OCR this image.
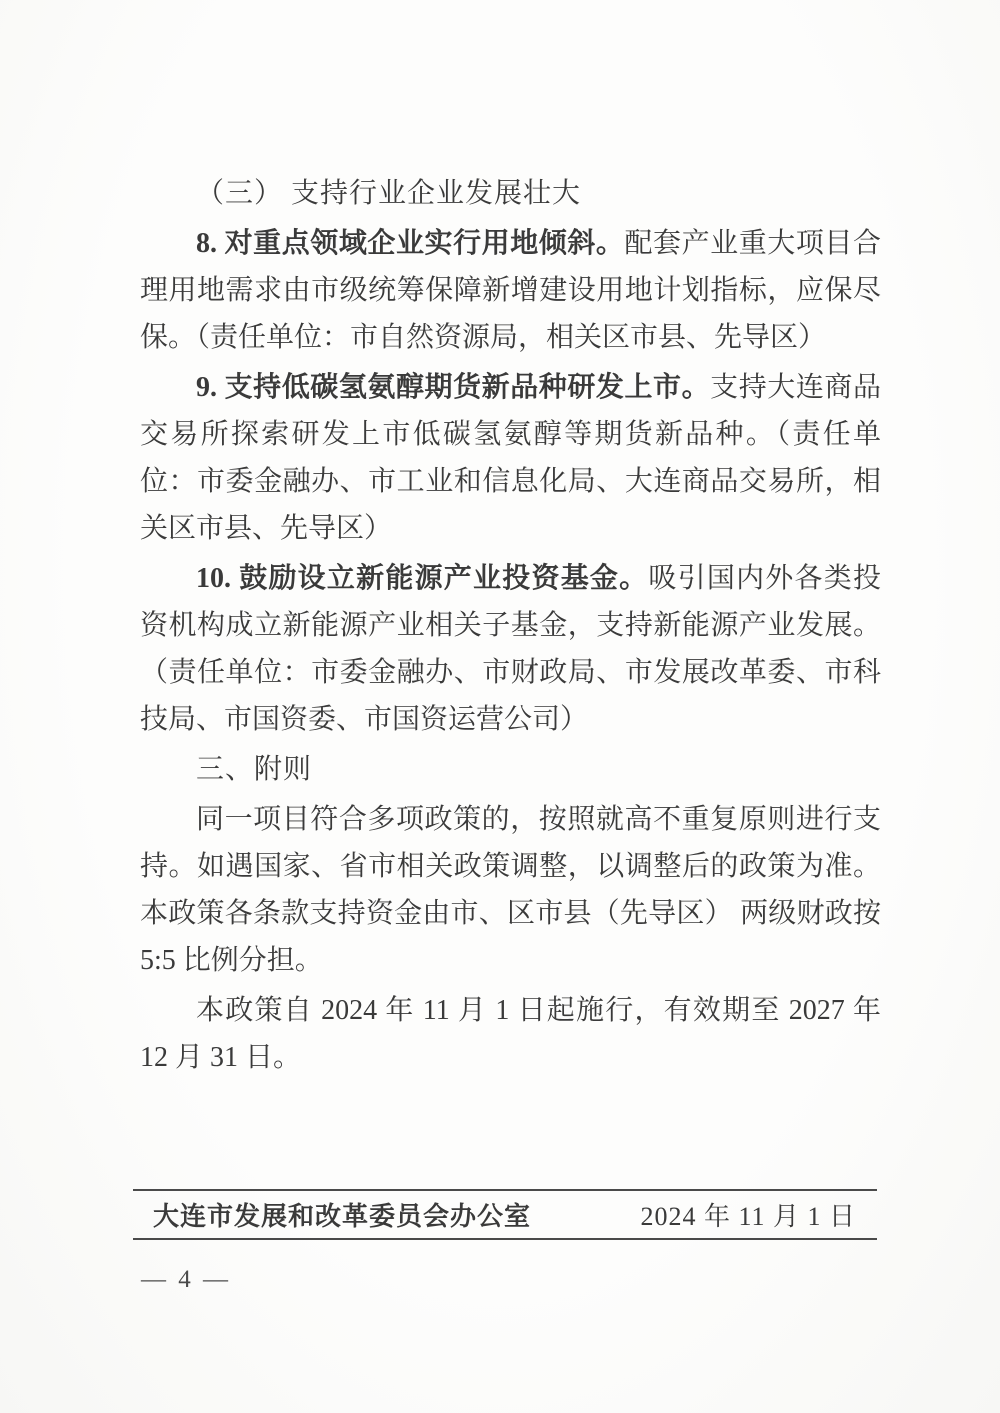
（三） 支持行业企业发展壮大

8. 对重点领域企业实行用地倾斜。配套产业重大项目合理用地需求由市级统筹保障新增建设用地计划指标，应保尽保。（责任单位：市自然资源局，相关区市县、先导区）

9. 支持低碳氢氨醇期货新品种研发上市。支持大连商品交易所探索研发上市低碳氢氨醇等期货新品种。（责任单位：市委金融办、市工业和信息化局、大连商品交易所，相关区市县、先导区）

10. 鼓励设立新能源产业投资基金。吸引国内外各类投资机构成立新能源产业相关子基金，支持新能源产业发展。（责任单位：市委金融办、市财政局、市发展改革委、市科技局、市国资委、市国资运营公司）

三、附则

同一项目符合多项政策的，按照就高不重复原则进行支持。如遇国家、省市相关政策调整，以调整后的政策为准。本政策各条款支持资金由市、区市县（先导区） 两级财政按 5:5 比例分担。

本政策自 2024 年 11 月 1 日起施行，有效期至 2027 年 12 月 31 日。

大连市发展和改革委员会办公室	2024 年 11 月 1 日
— 4 —
